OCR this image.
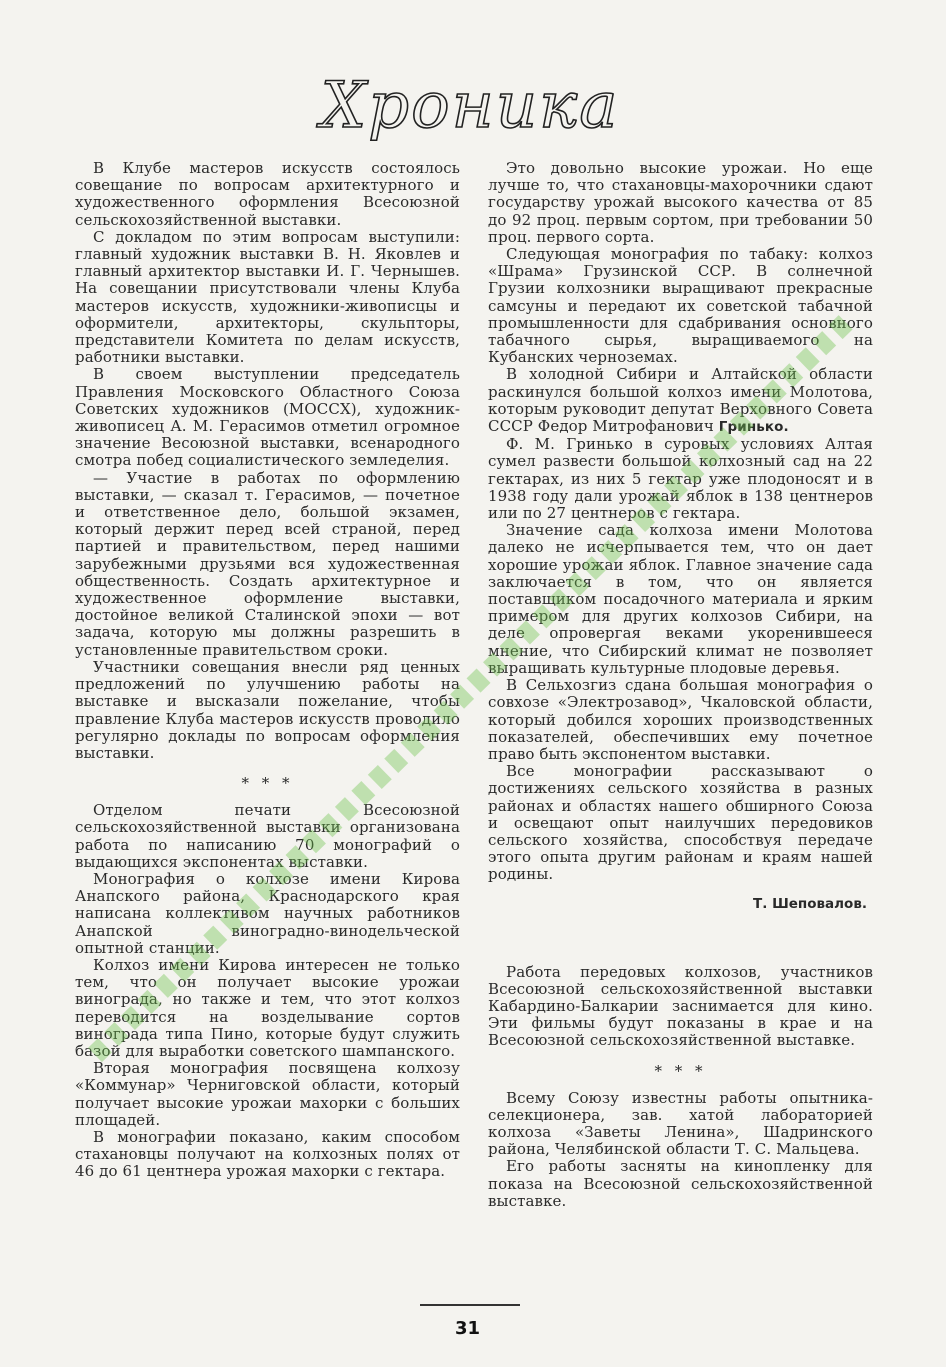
Хроника

В Клубе мастеров искусств состоялось совещание по вопросам архитектурного и художественного оформления Всесоюзной сельскохозяйственной выставки.

С докладом по этим вопросам выступили: главный художник выставки В. Н. Яковлев и главный архитектор выставки И. Г. Чернышев. На совещании присутствовали члены Клуба мастеров искусств, художники-живописцы и оформители, архитекторы, скульпторы, представители Комитета по делам искусств, работники выставки.

В своем выступлении председатель Правления Московского Областного Союза Советских художников (МОССХ), художник-живописец А. М. Герасимов отметил огромное значение Весоюзной выставки, всенародного смотра побед социалистического земледелия.

— Участие в работах по оформлению выставки, — сказал т. Герасимов, — почетное и ответственное дело, большой экзамен, который держит перед всей страной, перед партией и правительством, перед нашими зарубежными друзьями вся художественная общественность. Создать архитектурное и художественное оформление выставки, достойное великой Сталинской эпохи — вот задача, которую мы должны разрешить в установленные правительством сроки.

Участники совещания внесли ряд ценных предложений по улучшению работы на выставке и высказали пожелание, чтобы правление Клуба мастеров искусств проводило регулярно доклады по вопросам оформления выставки.

* * *

Отделом печати Всесоюзной сельскохозяйственной выставки организована работа по написанию 70 монографий о выдающихся экспонентах выставки.

Монография о колхозе имени Кирова Анапского района, Краснодарского края написана коллективом научных работников Анапской виноградно-винодельческой опытной станции.

Колхоз имени Кирова интересен не только тем, что он получает высокие урожаи винограда, но также и тем, что этот колхоз переводится на возделывание сортов винограда типа Пино, которые будут служить базой для выработки советского шампанского.

Вторая монография посвящена колхозу «Коммунар» Черниговской области, который получает высокие урожаи махорки с больших площадей.

В монографии показано, каким способом стахановцы получают на колхозных полях от 46 до 61 центнера урожая махорки с гектара.

Это довольно высокие урожаи. Но еще лучше то, что стахановцы-махорочники сдают государству урожай высокого качества от 85 до 92 проц. первым сортом, при требовании 50 проц. первого сорта.

Следующая монография по табаку: колхоз «Шрама» Грузинской ССР. В солнечной Грузии колхозники выращивают прекрасные самсуны и передают их советской табачной промышленности для сдабривания основного табачного сырья, выращиваемого на Кубанских черноземах.

В холодной Сибири и Алтайской области раскинулся большой колхоз имени Молотова, которым руководит депутат Верховного Совета СССР Федор Митрофанович Гринько.

Ф. М. Гринько в суровых условиях Алтая сумел развести большой колхозный сад на 22 гектарах, из них 5 гектар уже плодоносят и в 1938 году дали урожай яблок в 138 центнеров или по 27 центнеров с гектара.

Значение сада колхоза имени Молотова далеко не исчерпывается тем, что он дает хорошие урожаи яблок. Главное значение сада заключается в том, что он является поставщиком посадочного материала и ярким примером для других колхозов Сибири, на деле опровергая веками укоренившееся мнение, что Сибирский климат не позволяет выращивать культурные плодовые деревья.

В Сельхозгиз сдана большая монография о совхозе «Электрозавод», Чкаловской области, который добился хороших производственных показателей, обеспечивших ему почетное право быть экспонентом выставки.

Все монографии рассказывают о достижениях сельского хозяйства в разных районах и областях нашего обширного Союза и освещают опыт наилучших передовиков сельского хозяйства, способствуя передаче этого опыта другим районам и краям нашей родины.

Т. Шеповалов.

Работа передовых колхозов, участников Всесоюзной сельскохозяйственной выставки Кабардино-Балкарии заснимается для кино. Эти фильмы будут показаны в крае и на Всесоюзной сельскохозяйственной выставке.

* * *

Всему Союзу известны работы опытника-селекционера, зав. хатой лабораторией колхоза «Заветы Ленина», Шадринского района, Челябинской области Т. С. Мальцева.

Его работы засняты на кинопленку для показа на Всесоюзной сельскохозяйственной выставке.

31
